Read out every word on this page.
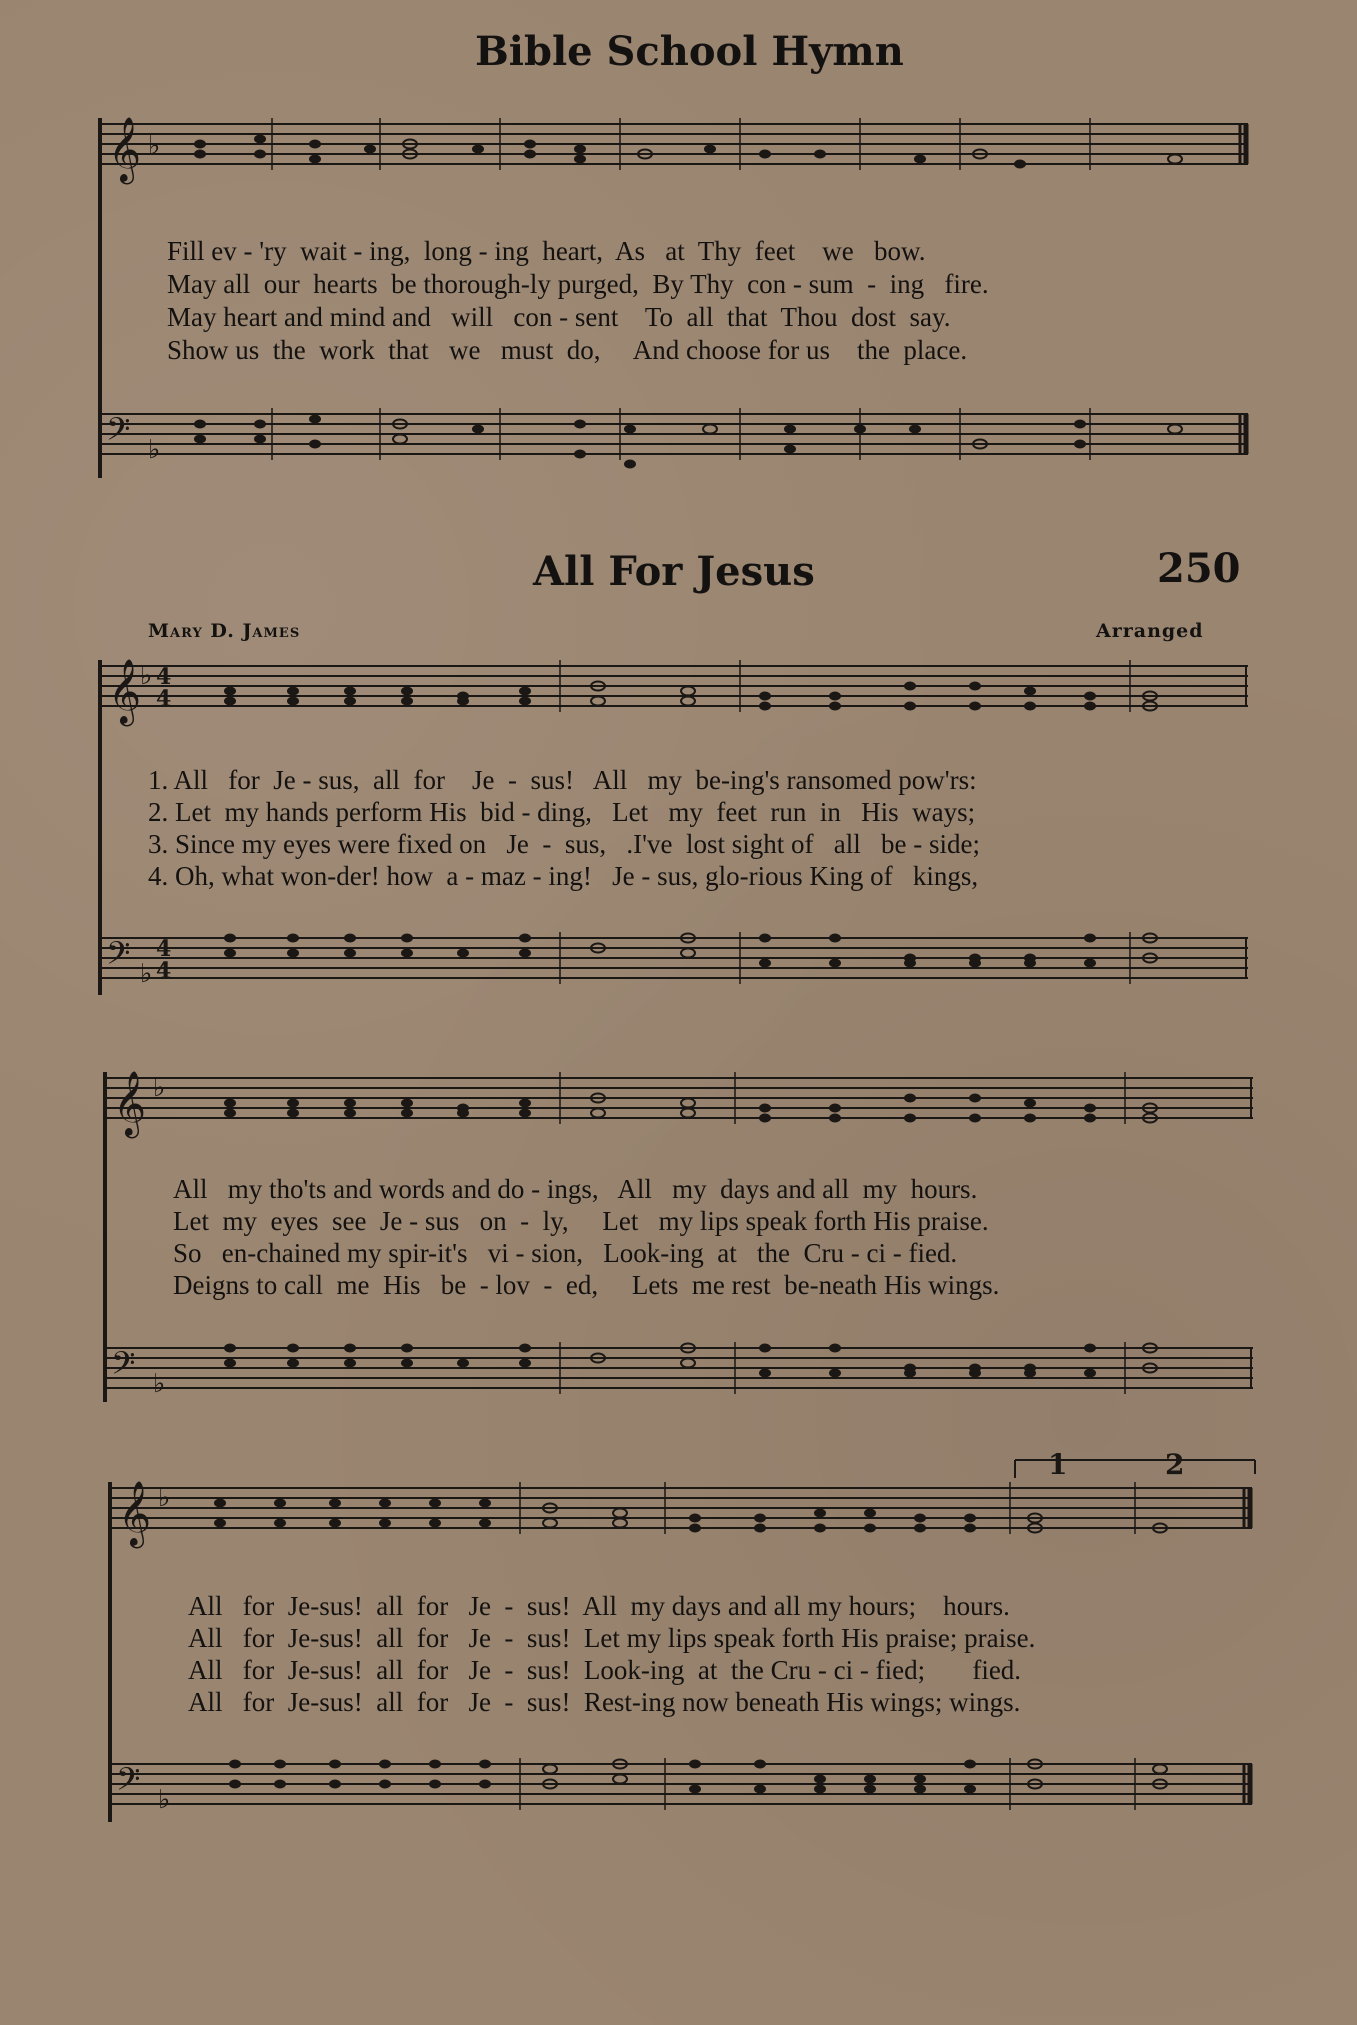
Bible School Hymn
𝄞 ♭
Fill ev - 'ry  wait - ing,  long - ing  heart,  As   at  Thy  feet    we   bow.
May all  our  hearts  be thorough-ly purged,  By Thy  con - sum  -  ing   fire.
May heart and mind and   will   con - sent    To  all  that  Thou  dost  say.
Show us  the  work  that   we   must  do,     And choose for us    the  place.
𝄢 ♭
All For Jesus	250
Mary D. James	Arranged
𝄞
♭ 4
4
1. All   for  Je - sus,  all  for    Je  -  sus!   All   my  be-ing's ransomed pow'rs:
2. Let  my hands perform His  bid - ding,   Let   my  feet  run  in   His  ways;
3. Since my eyes were fixed on   Je  -  sus,   .I've  lost sight of   all   be - side;
4. Oh, what won-der! how  a - maz - ing!   Je - sus, glo-rious King of   kings,
𝄢 ♭
4
4
𝄞 ♭
All   my tho'ts and words and do - ings,   All   my  days and all  my  hours.
Let  my  eyes  see  Je - sus   on  -  ly,     Let   my lips speak forth His praise.
So   en-chained my spir-it's   vi - sion,   Look-ing  at   the  Cru - ci - fied.
Deigns to call  me  His   be  - lov  -  ed,     Lets  me rest  be-neath His wings.
𝄢 ♭
1	2
𝄞 ♭
All   for  Je-sus!  all  for   Je  -  sus!  All  my days and all my hours;    hours.
All   for  Je-sus!  all  for   Je  -  sus!  Let my lips speak forth His praise; praise.
All   for  Je-sus!  all  for   Je  -  sus!  Look-ing  at  the Cru - ci - fied;       fied.
All   for  Je-sus!  all  for   Je  -  sus!  Rest-ing now beneath His wings; wings.
𝄢 ♭
